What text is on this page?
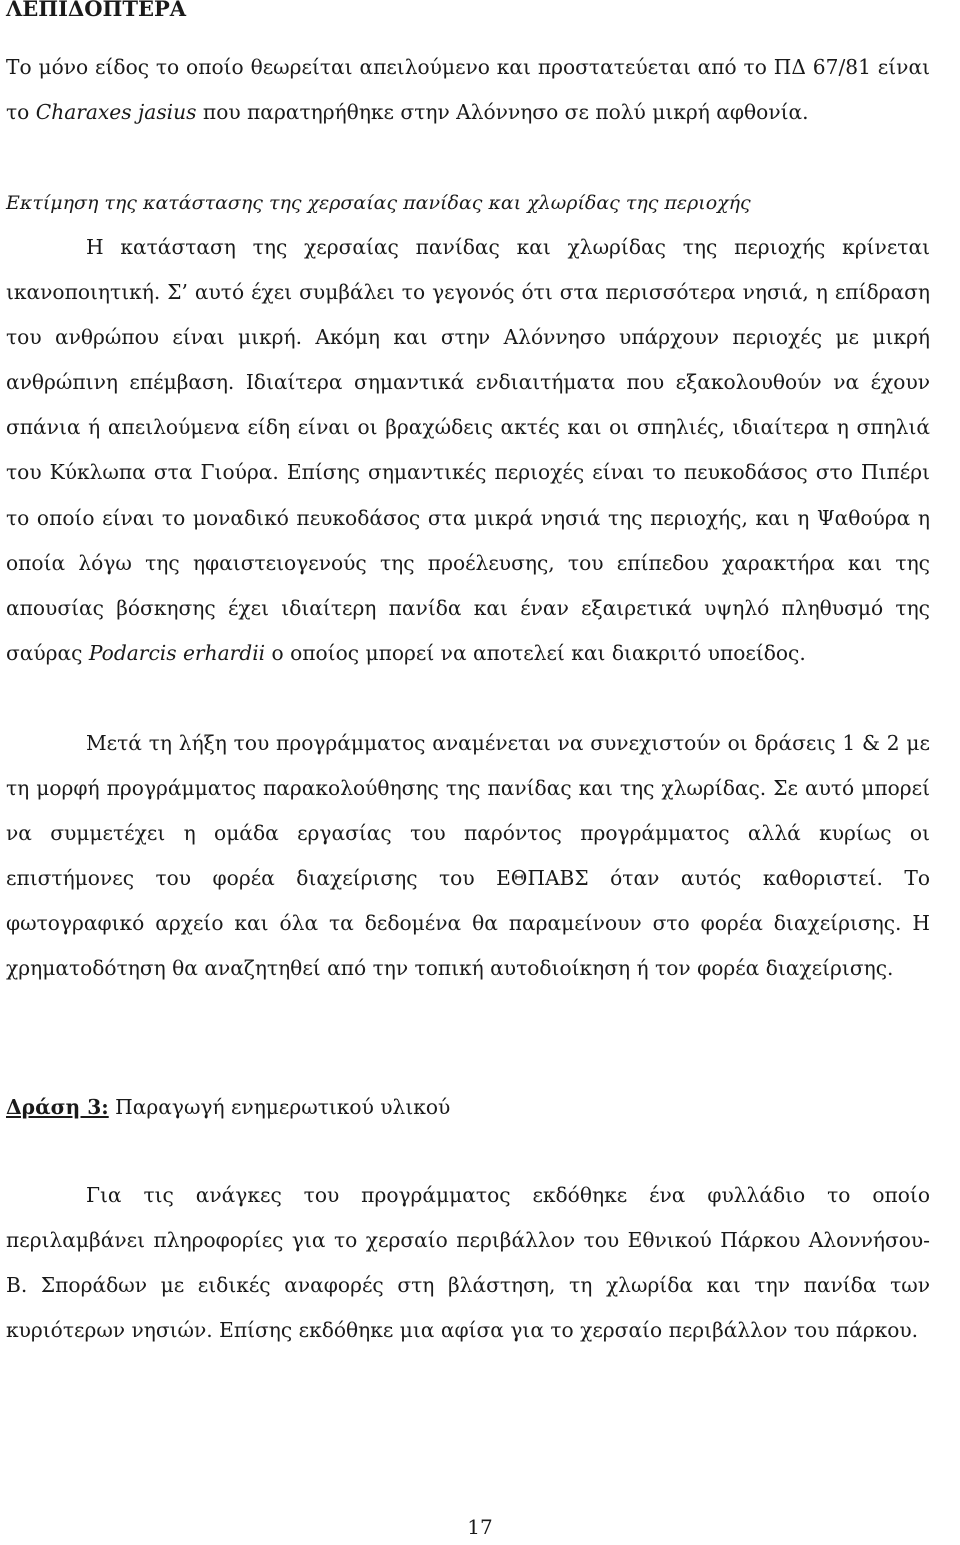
ΛΕΠΙΔΟΠΤΕΡΑ

Το μόνο είδος το οποίο θεωρείται απειλούμενο και προστατεύεται από το ΠΔ 67/81 είναι το Charaxes jasius που παρατηρήθηκε στην Αλόννησο σε πολύ μικρή αφθονία.

Εκτίμηση της κατάστασης της χερσαίας πανίδας και χλωρίδας της περιοχής

Η κατάσταση της χερσαίας πανίδας και χλωρίδας της περιοχής κρίνεται ικανοποιητική. Σ’ αυτό έχει συμβάλει το γεγονός ότι στα περισσότερα νησιά, η επίδραση του ανθρώπου είναι μικρή. Ακόμη και στην Αλόννησο υπάρχουν περιοχές με μικρή ανθρώπινη επέμβαση. Ιδιαίτερα σημαντικά ενδιαιτήματα που εξακολουθούν να έχουν σπάνια ή απειλούμενα είδη είναι οι βραχώδεις ακτές και οι σπηλιές, ιδιαίτερα η σπηλιά του Κύκλωπα στα Γιούρα. Επίσης σημαντικές περιοχές είναι το πευκοδάσος στο Πιπέρι το οποίο είναι το μοναδικό πευκοδάσος στα μικρά νησιά της περιοχής, και η Ψαθούρα η οποία λόγω της ηφαιστειογενούς της προέλευσης, του επίπεδου χαρακτήρα και της απουσίας βόσκησης έχει ιδιαίτερη πανίδα και έναν εξαιρετικά υψηλό πληθυσμό της σαύρας Podarcis erhardii ο οποίος μπορεί να αποτελεί και διακριτό υποείδος.

Μετά τη λήξη του προγράμματος αναμένεται να συνεχιστούν οι δράσεις 1 & 2 με τη μορφή προγράμματος παρακολούθησης της πανίδας και της χλωρίδας. Σε αυτό μπορεί να συμμετέχει η ομάδα εργασίας του παρόντος προγράμματος αλλά κυρίως οι επιστήμονες του φορέα διαχείρισης του ΕΘΠΑΒΣ όταν αυτός καθοριστεί. Το φωτογραφικό αρχείο και όλα τα δεδομένα θα παραμείνουν στο φορέα διαχείρισης. Η χρηματοδότηση θα αναζητηθεί από την τοπική αυτοδιοίκηση ή τον φορέα διαχείρισης.

Δράση 3: Παραγωγή ενημερωτικού υλικού

Για τις ανάγκες του προγράμματος εκδόθηκε ένα φυλλάδιο το οποίο περιλαμβάνει πληροφορίες για το χερσαίο περιβάλλον του Εθνικού Πάρκου Αλοννήσου-Β. Σποράδων με ειδικές αναφορές στη βλάστηση, τη χλωρίδα και την πανίδα των κυριότερων νησιών. Επίσης εκδόθηκε μια αφίσα για το χερσαίο περιβάλλον του πάρκου.

17
